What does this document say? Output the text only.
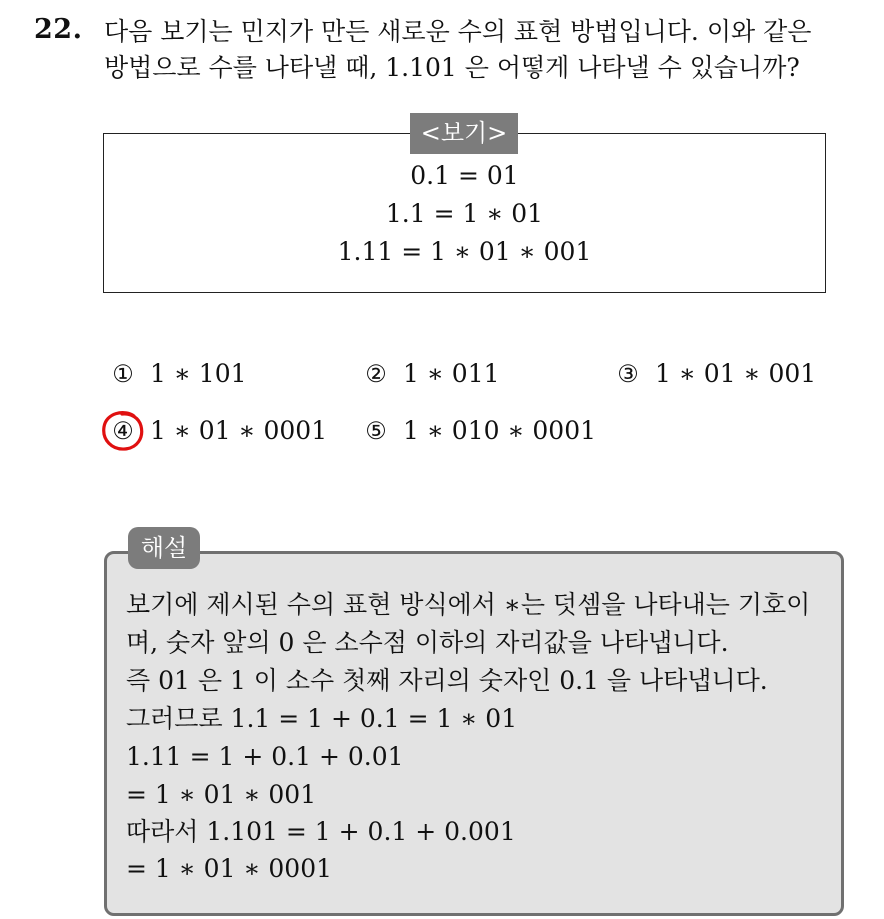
22. 다음 보기는 민지가 만든 새로운 수의 표현 방법입니다. 이와 같은
방법으로 수를 나타낼 때, 1.101 은 어떻게 나타낼 수 있습니까?
<보기>
0.1 = 01
1.1 = 1 ∗ 01
1.11 = 1 ∗ 01 ∗ 001
① 1 ∗ 101	② 1 ∗ 011	③ 1 ∗ 01 ∗ 001
④ 1 ∗ 01 ∗ 0001 ⑤ 1 ∗ 010 ∗ 0001
해설
보기에 제시된 수의 표현 방식에서 ∗는 덧셈을 나타내는 기호이
며, 숫자 앞의 0 은 소수점 이하의 자리값을 나타냅니다.
즉 01 은 1 이 소수 첫째 자리의 숫자인 0.1 을 나타냅니다.
그러므로 1.1 = 1 + 0.1 = 1 ∗ 01
1.11 = 1 + 0.1 + 0.01
= 1 ∗ 01 ∗ 001
따라서 1.101 = 1 + 0.1 + 0.001
= 1 ∗ 01 ∗ 0001
